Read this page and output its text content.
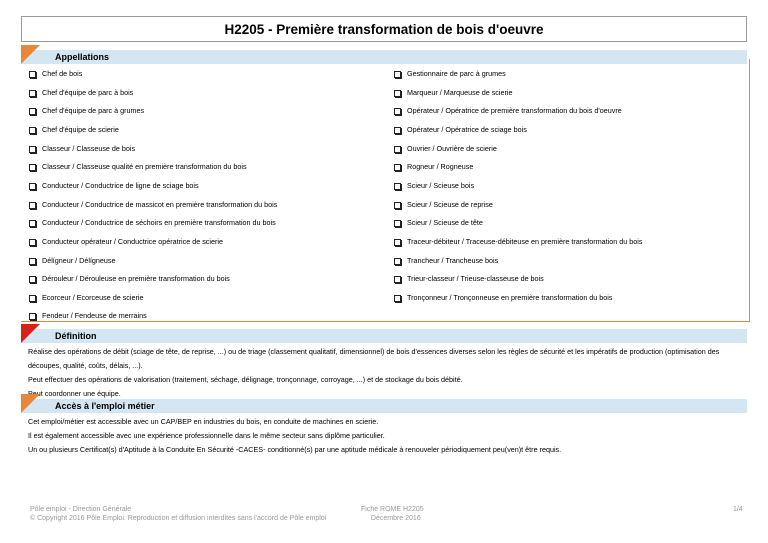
H2205 - Première transformation de bois d'oeuvre
Appellations
Chef de bois
Chef d'équipe de parc à bois
Chef d'équipe de parc à grumes
Chef d'équipe de scierie
Classeur / Classeuse de bois
Classeur / Classeuse qualité en première transformation du bois
Conducteur / Conductrice de ligne de sciage bois
Conducteur / Conductrice de massicot en première transformation du bois
Conducteur / Conductrice de séchoirs en première transformation du bois
Conducteur opérateur / Conductrice opératrice de scierie
Délígneur / Délígneuse
Dérouleur / Dérouleuse en première transformation du bois
Ecorceur / Ecorceuse de scierie
Fendeur / Fendeuse de merrains
Gestionnaire de parc à grumes
Marqueur / Marqueuse de scierie
Opérateur / Opératrice de première transformation du bois d'oeuvre
Opérateur / Opératrice de sciage bois
Ouvrier / Ouvrière de scierie
Rogneur / Rogneuse
Scieur / Scieuse bois
Scieur / Scieuse de reprise
Scieur / Scieuse de tête
Traceur-débiteur / Traceuse-débiteuse en première transformation du bois
Trancheur / Trancheuse bois
Trieur-classeur / Trieuse-classeuse de bois
Tronçonneur / Tronçonneuse en première transformation du bois
Définition
Réalise des opérations de débit (sciage de tête, de reprise, ...) ou de triage (classement qualitatif, dimensionnel) de bois d'essences diverses selon les règles de sécurité et les impératifs de production (optimisation des
découpes, qualité, coûts, délais, ...).
Peut effectuer des opérations de valorisation (traitement, séchage, délignage, tronçonnage, corroyage, ...) et de stockage du bois débité.
Peut coordonner une équipe.
Accès à l'emploi métier
Cet emploi/métier est accessible avec un CAP/BEP en industries du bois, en conduite de machines en scierie.
Il est également accessible avec une expérience professionnelle dans le même secteur sans diplôme particulier.
Un ou plusieurs Certificat(s) d'Aptitude à la Conduite En Sécurité -CACES- conditionné(s) par une aptitude médicale à renouveler périodiquement peu(ven)t être requis.
Pôle emploi - Direction Générale
© Copyright 2016 Pôle Emploi. Reproduction et diffusion interdites sans l'accord de Pôle emploi
Fiche ROME H2205
Décembre 2016
1/4
